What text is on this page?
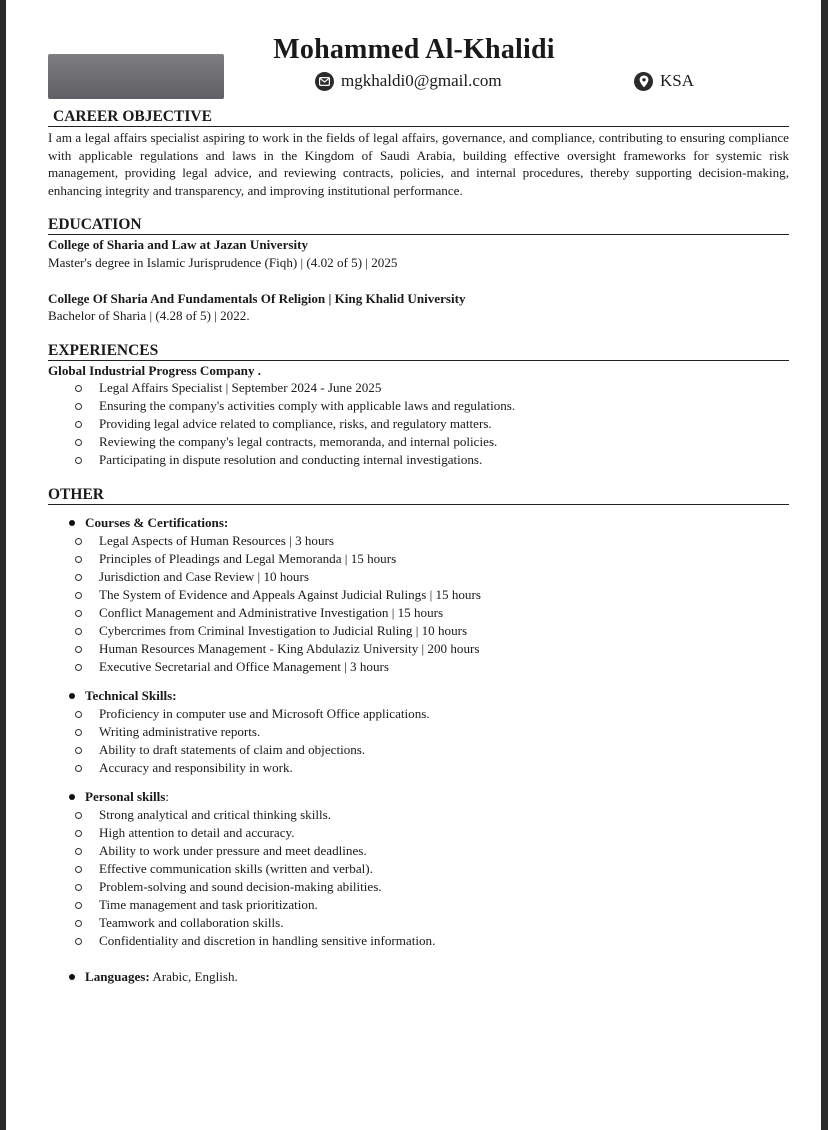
Mohammed Al-Khalidi
mgkhaldi0@gmail.com	KSA
CAREER OBJECTIVE

I am a legal affairs specialist aspiring to work in the fields of legal affairs, governance, and compliance, contributing to ensuring compliance with applicable regulations and laws in the Kingdom of Saudi Arabia, building effective oversight frameworks for systemic risk management, providing legal advice, and reviewing contracts, policies, and internal procedures, thereby supporting decision-making, enhancing integrity and transparency, and improving institutional performance.

EDUCATION

College of Sharia and Law at Jazan University

Master's degree in Islamic Jurisprudence (Fiqh) | (4.02 of 5) | 2025

College Of Sharia And Fundamentals Of Religion | King Khalid University

Bachelor of Sharia | (4.28 of 5) | 2022.

EXPERIENCES

Global Industrial Progress Company .

Legal Affairs Specialist | September 2024 - June 2025
Ensuring the company's activities comply with applicable laws and regulations.
Providing legal advice related to compliance, risks, and regulatory matters.
Reviewing the company's legal contracts, memoranda, and internal policies.
Participating in dispute resolution and conducting internal investigations.
OTHER

Courses & Certifications:

Legal Aspects of Human Resources | 3 hours
Principles of Pleadings and Legal Memoranda | 15 hours
Jurisdiction and Case Review | 10 hours
The System of Evidence and Appeals Against Judicial Rulings | 15 hours
Conflict Management and Administrative Investigation | 15 hours
Cybercrimes from Criminal Investigation to Judicial Ruling | 10 hours
Human Resources Management - King Abdulaziz University | 200 hours
Executive Secretarial and Office Management | 3 hours

Technical Skills:

Proficiency in computer use and Microsoft Office applications.
Writing administrative reports.
Ability to draft statements of claim and objections.
Accuracy and responsibility in work.

Personal skills:

Strong analytical and critical thinking skills.
High attention to detail and accuracy.
Ability to work under pressure and meet deadlines.
Effective communication skills (written and verbal).
Problem-solving and sound decision-making abilities.
Time management and task prioritization.
Teamwork and collaboration skills.
Confidentiality and discretion in handling sensitive information.

Languages: Arabic, English.
